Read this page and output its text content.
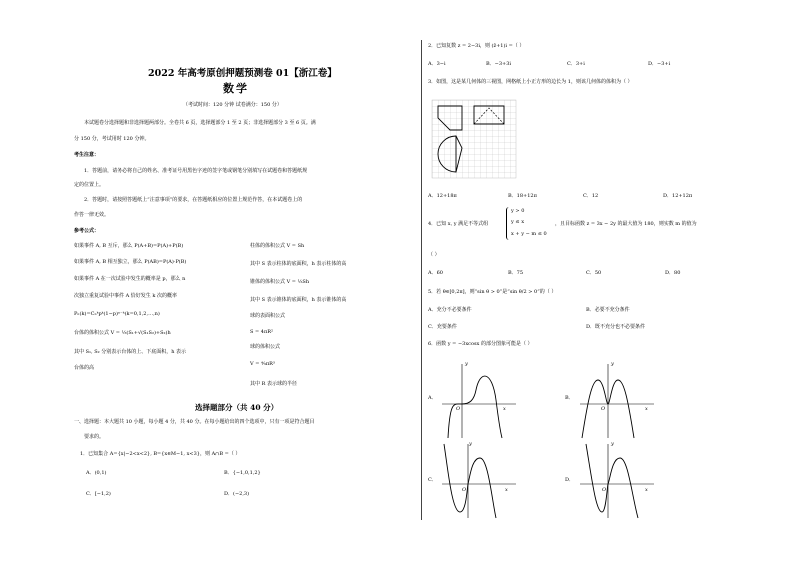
2022 年高考原创押题预测卷 01【浙江卷】
数学
（考试时间：120 分钟 试卷满分：150 分）
本试题卷分选择题和非选择题两部分。全卷共 6 页，选择题部分 1 至 2 页；非选择题部分 3 至 6 页。满
分 150 分，考试用时 120 分钟。
考生注意：
1．答题前，请务必将自己的姓名、准考证号用黑色字迹的签字笔或钢笔分别填写在试题卷和答题纸规
定的位置上。
2．答题时，请按照答题纸上“注意事项”的要求，在答题纸相应的位置上规范作答，在本试题卷上的
作答一律无效。
参考公式：
如果事件 A, B 互斥，那么 P(A+B)=P(A)+P(B)
如果事件 A, B 相互独立，那么 P(AB)=P(A)·P(B)
如果事件 A 在一次试验中发生的概率是 p，那么 n
次独立重复试验中事件 A 恰好发生 k 次的概率
Pₙ(k)=Cₙᵏpᵏ(1−p)ⁿ⁻ᵏ(k=0,1,2,…,n)
台体的体积公式 V = ⅓(S₁+√(S₁S₂)+S₂)h
其中 S₁, S₂ 分别表示台体的上、下底面积，h 表示
台体的高
柱体的体积公式 V = Sh
其中 S 表示柱体的底面积，h 表示柱体的高
锥体的体积公式 V = ⅓Sh
其中 S 表示锥体的底面积，h 表示锥体的高
球的表面积公式
S = 4πR²
球的体积公式
V = ⁴⁄₃πR³
其中 R 表示球的半径
选择题部分（共 40 分）
一、选择题：本大题共 10 小题，每小题 4 分，共 40 分。在每小题给出的四个选项中，只有一项是符合题目
要求的。
1．已知集合 A={x|−2<x<2}, B={x∈M−1, x<3}，则 A∩B =（ ）
A．(0,1)	B．{−1,0,1,2}
C．[−1,2)	D．(−2,3)
2．已知复数 z = 2−3i，则 (z̄+1)i =（ ）
A．3−i	B．−3+3i	C．3+i	D．−3+i
3．如图，这是某几何体的三视图，网格纸上小正方形的边长为 1，则该几何体的体积为（ ）
A．12+18π	B．18+12π	C．12	D．12+12π
4．已知 x, y 满足不等式组
y > 0
y ≤ x
x + y − m ≤ 0
，且目标函数 z = 3x − 2y 的最大值为 180，则实数 m 的值为
（ ）
A．60	B．75	C．50	D．80
5．若 θ∈[0,2π]，则“sin θ > 0”是“sin θ/2 > 0”的（ ）
A．充分不必要条件	B．必要不充分条件
C．充要条件	D．既不充分也不必要条件
6．函数 y = −3xcosx 的部分图象可能是（ ）
A．
y
x
O
B．
y
x
O
C．
y
x
O
D．
y
x
O
